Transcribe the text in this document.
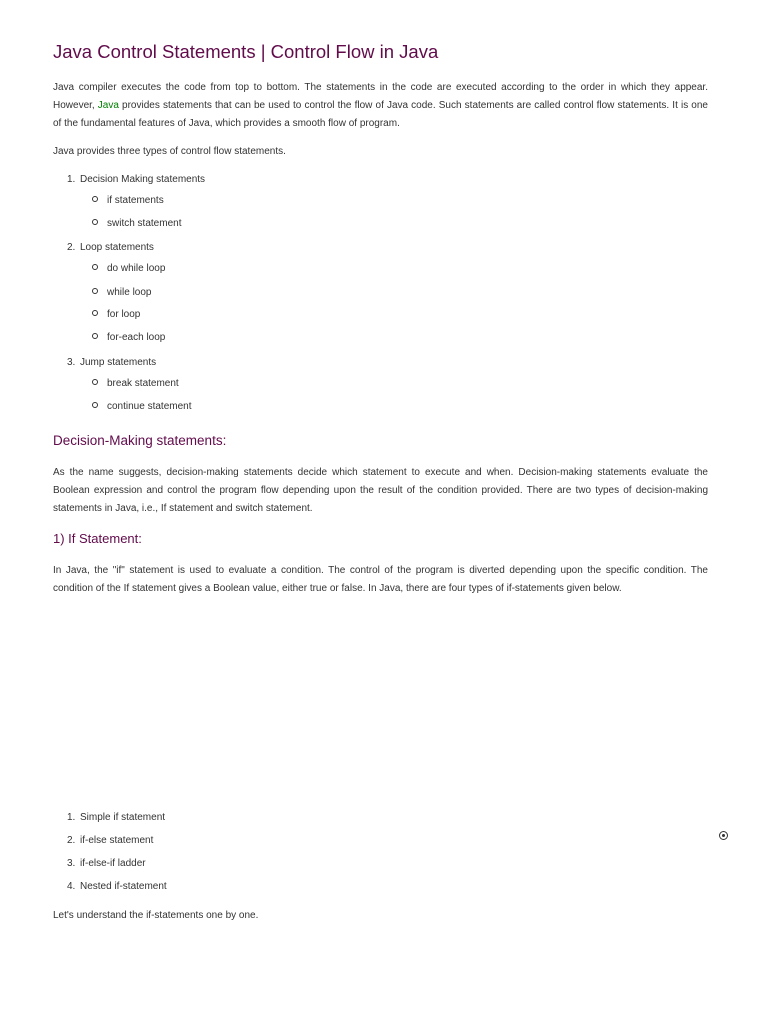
Java Control Statements | Control Flow in Java

Java compiler executes the code from top to bottom. The statements in the code are executed according to the order in which they appear. However, Java provides statements that can be used to control the flow of Java code. Such statements are called control flow statements. It is one of the fundamental features of Java, which provides a smooth flow of program.

Java provides three types of control flow statements.

1. Decision Making statements
if statements
switch statement
2. Loop statements
do while loop
while loop
for loop
for-each loop
3. Jump statements
break statement
continue statement
Decision-Making statements:

As the name suggests, decision-making statements decide which statement to execute and when. Decision-making statements evaluate the Boolean expression and control the program flow depending upon the result of the condition provided. There are two types of decision-making statements in Java, i.e., If statement and switch statement.

1) If Statement:

In Java, the "if" statement is used to evaluate a condition. The control of the program is diverted depending upon the specific condition. The condition of the If statement gives a Boolean value, either true or false. In Java, there are four types of if-statements given below.

1. Simple if statement
2. if-else statement
3. if-else-if ladder
4. Nested if-statement

Let's understand the if-statements one by one.
